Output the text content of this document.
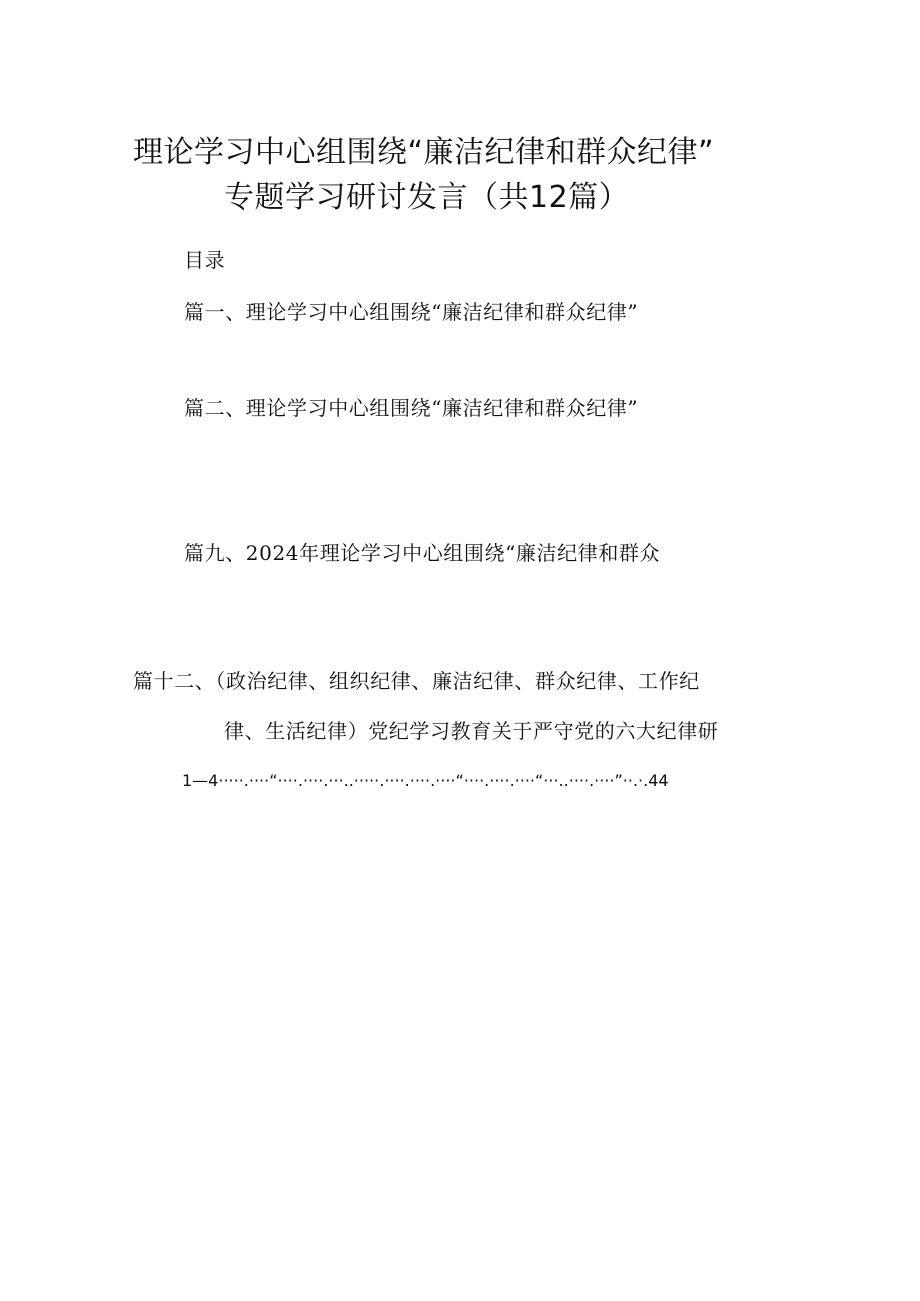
理论学习中心组围绕“廉洁纪律和群众纪律”
专题学习研讨发言（共12篇）
目录
篇一、理论学习中心组围绕“廉洁纪律和群众纪律”
篇二、理论学习中心组围绕“廉洁纪律和群众纪律”
篇九、2024年理论学习中心组围绕“廉洁纪律和群众
篇十二、（政治纪律、组织纪律、廉洁纪律、群众纪律、工作纪
律、生活纪律）党纪学习教育关于严守党的六大纪律研
1—4·····.····“····.····.···..·····.····.····.····“····.····.····“···..····.····”··.·.44
